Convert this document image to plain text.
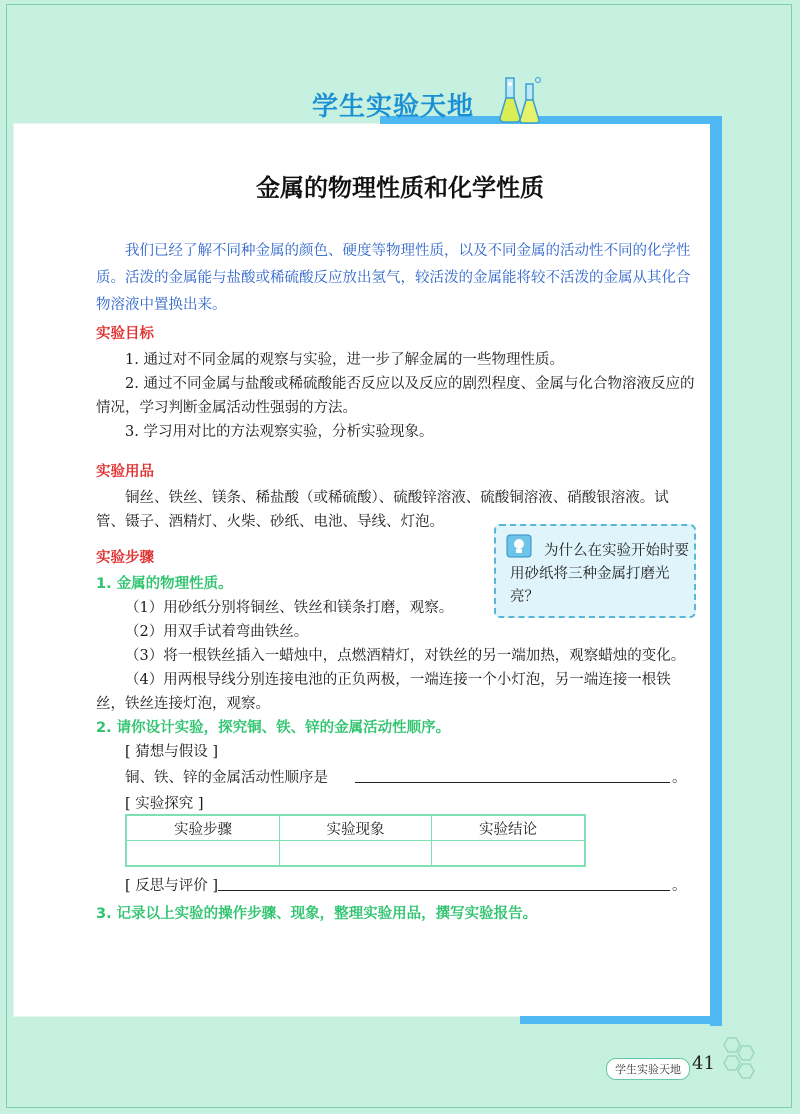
学生实验天地
金属的物理性质和化学性质
我们已经了解不同种金属的颜色、硬度等物理性质，以及不同金属的活动性不同的化学性质。活泼的金属能与盐酸或稀硫酸反应放出氢气，较活泼的金属能将较不活泼的金属从其化合物溶液中置换出来。
实验目标
1. 通过对不同金属的观察与实验，进一步了解金属的一些物理性质。
2. 通过不同金属与盐酸或稀硫酸能否反应以及反应的剧烈程度、金属与化合物溶液反应的情况，学习判断金属活动性强弱的方法。
3. 学习用对比的方法观察实验，分析实验现象。
实验用品
铜丝、铁丝、镁条、稀盐酸（或稀硫酸）、硫酸锌溶液、硫酸铜溶液、硝酸银溶液。试管、镊子、酒精灯、火柴、砂纸、电池、导线、灯泡。
实验步骤
1. 金属的物理性质。
（1）用砂纸分别将铜丝、铁丝和镁条打磨，观察。
（2）用双手试着弯曲铁丝。
（3）将一根铁丝插入一蜡烛中，点燃酒精灯，对铁丝的另一端加热，观察蜡烛的变化。
（4）用两根导线分别连接电池的正负两极，一端连接一个小灯泡，另一端连接一根铁丝，铁丝连接灯泡，观察。
为什么在实验开始时要用砂纸将三种金属打磨光亮？
2. 请你设计实验，探究铜、铁、锌的金属活动性顺序。
[ 猜想与假设 ]
铜、铁、锌的金属活动性顺序是	。
[ 实验探究 ]
实验步骤	实验现象	实验结论

[ 反思与评价 ]	。
3. 记录以上实验的操作步骤、现象，整理实验用品，撰写实验报告。
学生实验天地 41
